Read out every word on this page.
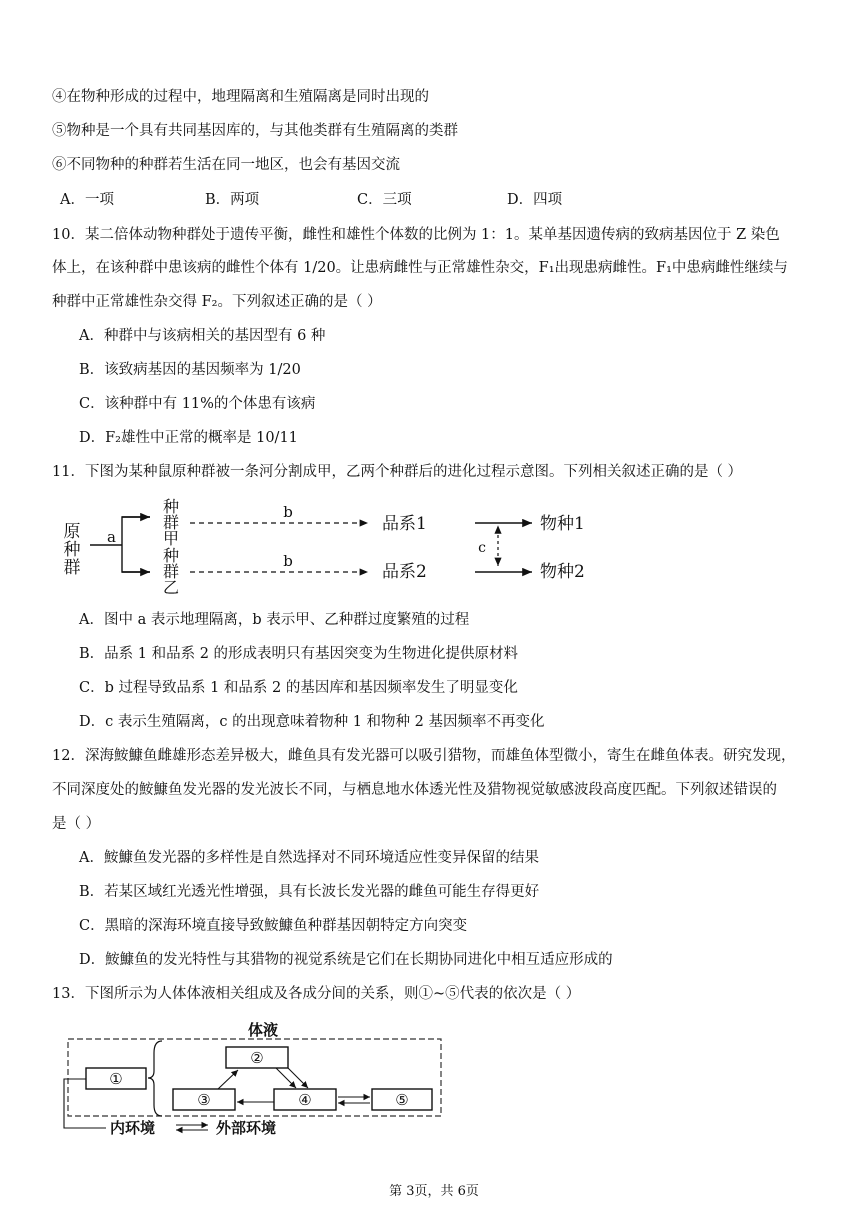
④在物种形成的过程中，地理隔离和生殖隔离是同时出现的
⑤物种是一个具有共同基因库的，与其他类群有生殖隔离的类群
⑥不同物种的种群若生活在同一地区，也会有基因交流
A．一项	B．两项	C．三项	D．四项
10．某二倍体动物种群处于遗传平衡，雌性和雄性个体数的比例为 1：1。某单基因遗传病的致病基因位于 Z 染色
体上，在该种群中患该病的雌性个体有 1/20。让患病雌性与正常雄性杂交，F₁出现患病雌性。F₁中患病雌性继续与
种群中正常雄性杂交得 F₂。下列叙述正确的是（ ）
A．种群中与该病相关的基因型有 6 种
B．该致病基因的基因频率为 1/20
C．该种群中有 11%的个体患有该病
D．F₂雄性中正常的概率是 10/11
11．下图为某种鼠原种群被一条河分割成甲，乙两个种群后的进化过程示意图。下列相关叙述正确的是（ ）
原
种
群
a
种
群
甲
种
群
乙
b
b
品系1
品系2
c
物种1
物种2
A．图中 a 表示地理隔离，b 表示甲、乙种群过度繁殖的过程
B．品系 1 和品系 2 的形成表明只有基因突变为生物进化提供原材料
C．b 过程导致品系 1 和品系 2 的基因库和基因频率发生了明显变化
D．c 表示生殖隔离，c 的出现意味着物种 1 和物种 2 基因频率不再变化
12．深海鮟鱇鱼雌雄形态差异极大，雌鱼具有发光器可以吸引猎物，而雄鱼体型微小，寄生在雌鱼体表。研究发现，
不同深度处的鮟鱇鱼发光器的发光波长不同，与栖息地水体透光性及猎物视觉敏感波段高度匹配。下列叙述错误的
是（ ）
A．鮟鱇鱼发光器的多样性是自然选择对不同环境适应性变异保留的结果
B．若某区域红光透光性增强，具有长波长发光器的雌鱼可能生存得更好
C．黑暗的深海环境直接导致鮟鱇鱼种群基因朝特定方向突变
D．鮟鱇鱼的发光特性与其猎物的视觉系统是它们在长期协同进化中相互适应形成的
13．下图所示为人体体液相关组成及各成分间的关系，则①~⑤代表的依次是（ ）
体液
①
②
③	④	⑤
内环境	外部环境
第 3页，共 6页
